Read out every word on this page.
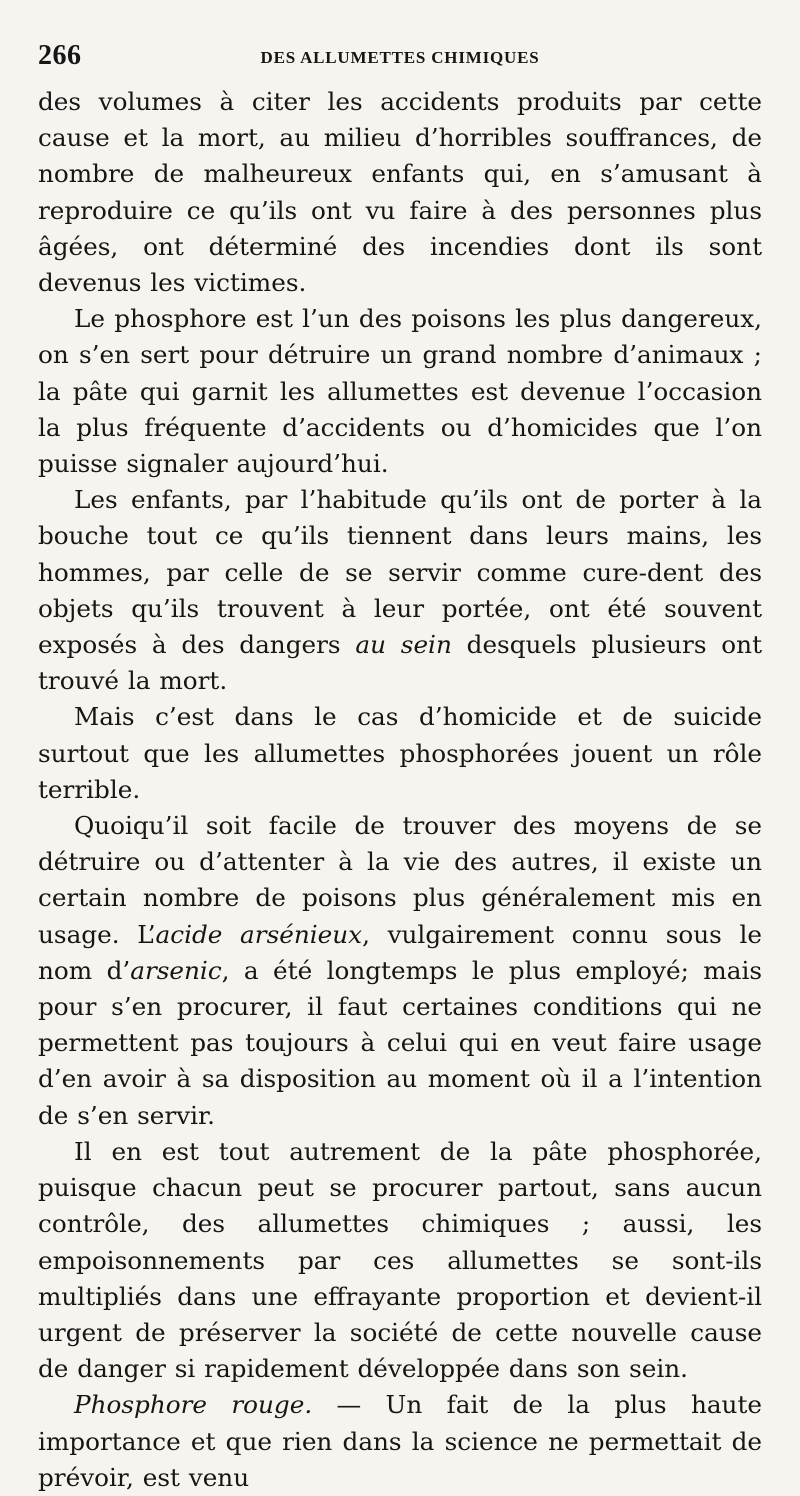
266	DES ALLUMETTES CHIMIQUES

des volumes à citer les accidents produits par cette cause et la mort, au milieu d’horribles souffrances, de nombre de malheureux enfants qui, en s’amusant à reproduire ce qu’ils ont vu faire à des personnes plus âgées, ont déterminé des incendies dont ils sont devenus les victimes.

Le phosphore est l’un des poisons les plus dangereux, on s’en sert pour détruire un grand nombre d’animaux ; la pâte qui garnit les allumettes est devenue l’occasion la plus fréquente d’accidents ou d’homicides que l’on puisse signaler aujourd’hui.

Les enfants, par l’habitude qu’ils ont de porter à la bouche tout ce qu’ils tiennent dans leurs mains, les hommes, par celle de se servir comme cure-dent des objets qu’ils trouvent à leur portée, ont été souvent exposés à des dangers au sein desquels plusieurs ont trouvé la mort.

Mais c’est dans le cas d’homicide et de suicide surtout que les allumettes phosphorées jouent un rôle terrible.

Quoiqu’il soit facile de trouver des moyens de se détruire ou d’attenter à la vie des autres, il existe un certain nombre de poisons plus généralement mis en usage. L’acide arsénieux, vulgairement connu sous le nom d’arsenic, a été longtemps le plus employé; mais pour s’en procurer, il faut certaines conditions qui ne permettent pas toujours à celui qui en veut faire usage d’en avoir à sa disposition au moment où il a l’intention de s’en servir.

Il en est tout autrement de la pâte phosphorée, puisque chacun peut se procurer partout, sans aucun contrôle, des allumettes chimiques ; aussi, les empoisonnements par ces allumettes se sont-ils multipliés dans une effrayante proportion et devient-il urgent de préserver la société de cette nouvelle cause de danger si rapidement développée dans son sein.

Phosphore rouge. — Un fait de la plus haute importance et que rien dans la science ne permettait de prévoir, est venu
